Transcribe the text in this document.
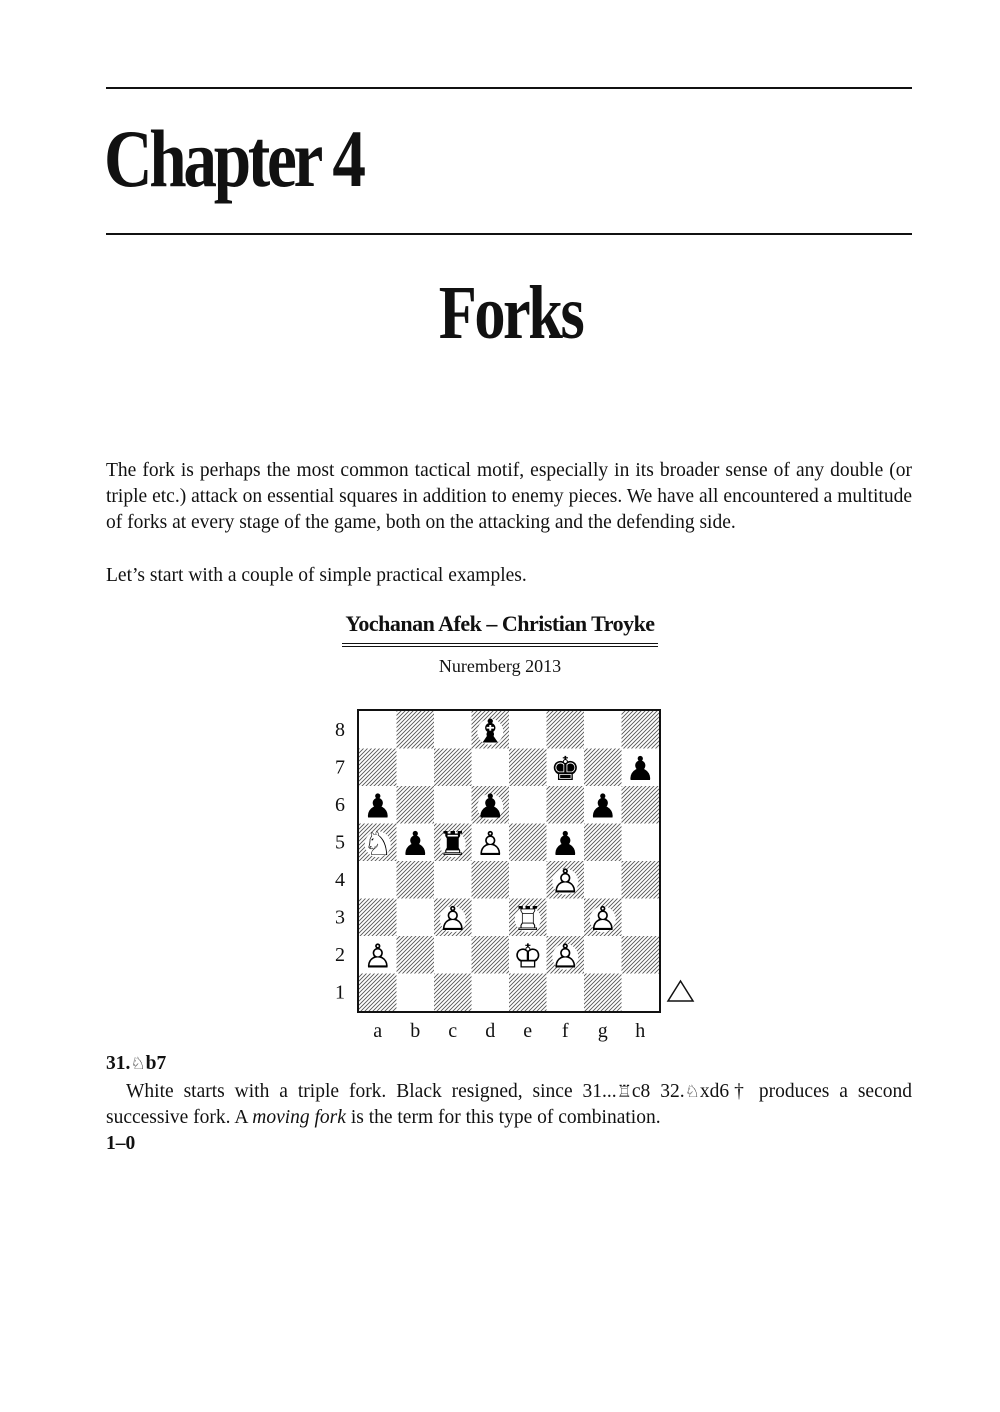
Chapter 4
Forks

The fork is perhaps the most common tactical motif, especially in its broader sense of any double (or triple etc.) attack on essential squares in addition to enemy pieces. We have all encountered a multitude of forks at every stage of the game, both on the attacking and the defending side.

Let’s start with a couple of simple practical examples.

Yochanan Afek – Christian Troyke
Nuremberg 2013
♝
♚ ♟
♟	♟	♟
♘ ♟ ♜ ♙ ♟
♙
♙ ♖ ♙
♙	♔ ♙
8
7
6
5
4
3
2
1
a b c d e f g h

31.♘b7

White starts with a triple fork. Black resigned, since 31...♖c8 32.♘xd6† produces a second successive fork. A moving fork is the term for this type of combination.

1–0
